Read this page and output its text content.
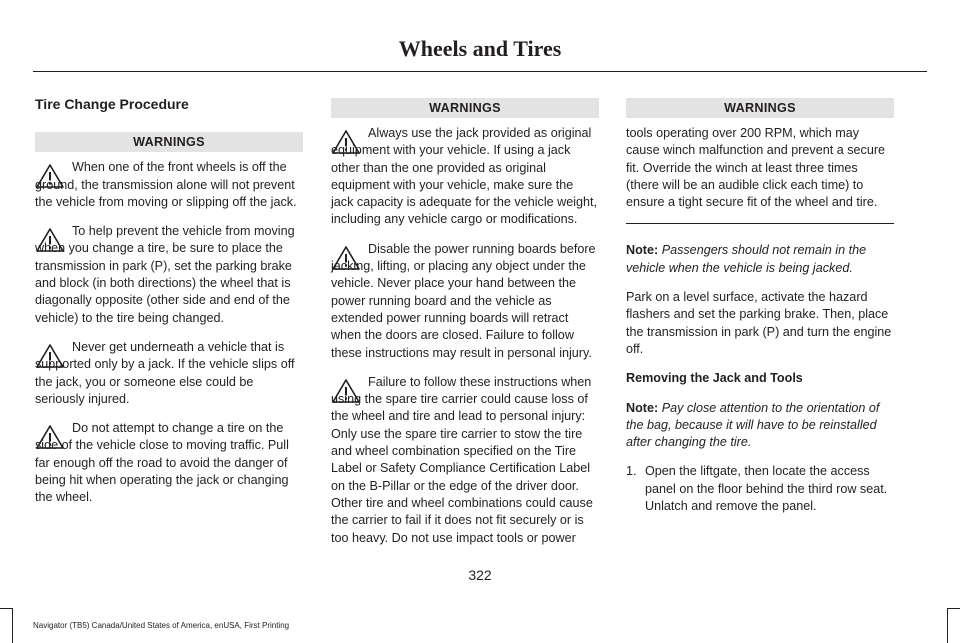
Wheels and Tires
Tire Change Procedure
WARNINGS

When one of the front wheels is off the ground, the transmission alone will not prevent the vehicle from moving or slipping off the jack.

To help prevent the vehicle from moving when you change a tire, be sure to place the transmission in park (P), set the parking brake and block (in both directions) the wheel that is diagonally opposite (other side and end of the vehicle) to the tire being changed.

Never get underneath a vehicle that is supported only by a jack. If the vehicle slips off the jack, you or someone else could be seriously injured.

Do not attempt to change a tire on the side of the vehicle close to moving traffic. Pull far enough off the road to avoid the danger of being hit when operating the jack or changing the wheel.

WARNINGS

Always use the jack provided as original equipment with your vehicle. If using a jack other than the one provided as original equipment with your vehicle, make sure the jack capacity is adequate for the vehicle weight, including any vehicle cargo or modifications.

Disable the power running boards before jacking, lifting, or placing any object under the vehicle. Never place your hand between the power running board and the vehicle as extended power running boards will retract when the doors are closed. Failure to follow these instructions may result in personal injury.

Failure to follow these instructions when using the spare tire carrier could cause loss of the wheel and tire and lead to personal injury: Only use the spare tire carrier to stow the tire and wheel combination specified on the Tire Label or Safety Compliance Certification Label on the B-Pillar or the edge of the driver door. Other tire and wheel combinations could cause the carrier to fail if it does not fit securely or is too heavy. Do not use impact tools or power

WARNINGS

tools operating over 200 RPM, which may cause winch malfunction and prevent a secure fit. Override the winch at least three times (there will be an audible click each time) to ensure a tight secure fit of the wheel and tire.

Note: Passengers should not remain in the vehicle when the vehicle is being jacked.

Park on a level surface, activate the hazard flashers and set the parking brake. Then, place the transmission in park (P) and turn the engine off.

Removing the Jack and Tools

Note: Pay close attention to the orientation of the bag, because it will have to be reinstalled after changing the tire.

1. Open the liftgate, then locate the access panel on the floor behind the third row seat. Unlatch and remove the panel.
322
Navigator (TB5) Canada/United States of America, enUSA, First Printing
